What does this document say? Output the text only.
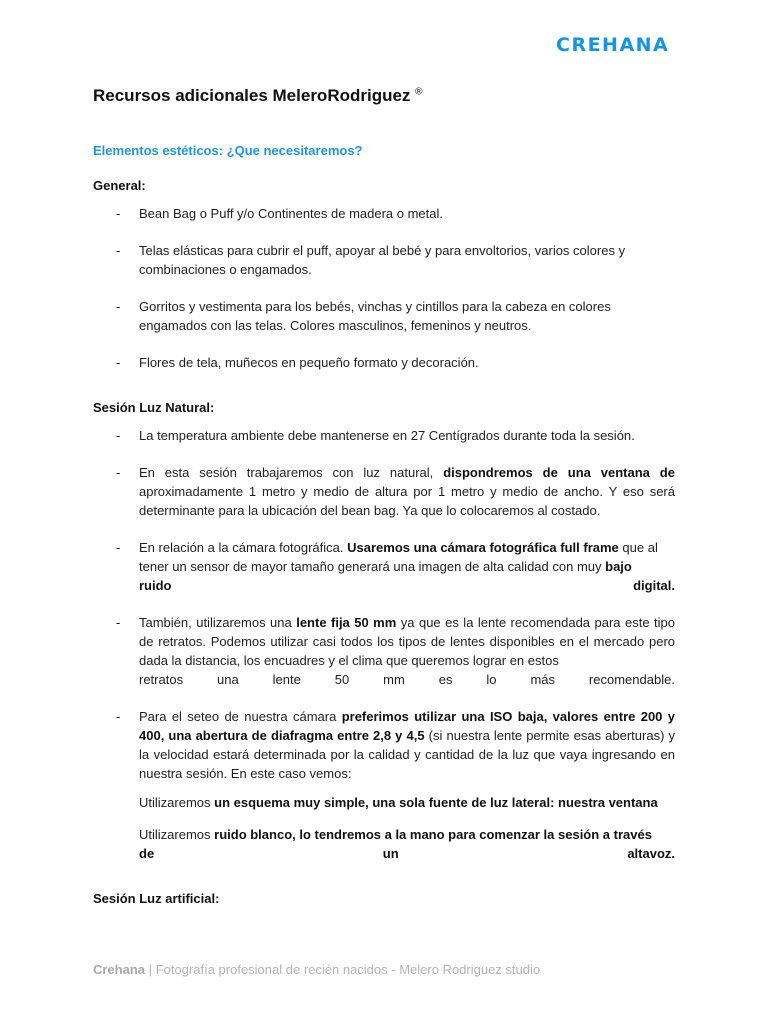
CREHANA
Recursos adicionales MeleroRodriguez ®
Elementos estéticos: ¿Que necesitaremos?
General:
- Bean Bag o Puff y/o Continentes de madera o metal.
- Telas elásticas para cubrir el puff, apoyar al bebé y para envoltorios, varios colores y combinaciones o engamados.
- Gorritos y vestimenta para los bebés, vinchas y cintillos para la cabeza en colores engamados con las telas. Colores masculinos, femeninos y neutros.
- Flores de tela, muñecos en pequeño formato y decoración.
Sesión Luz Natural:
- La temperatura ambiente debe mantenerse en 27 Centígrados durante toda la sesión.
- En esta sesión trabajaremos con luz natural, dispondremos de una ventana de aproximadamente 1 metro y medio de altura por 1 metro y medio de ancho. Y eso será determinante para la ubicación del bean bag. Ya que lo colocaremos al costado.
- En relación a la cámara fotográfica. Usaremos una cámara fotográfica full frame que al tener un sensor de mayor tamaño generará una imagen de alta calidad con muy bajo
ruido	digital.
- También, utilizaremos una lente fija 50 mm ya que es la lente recomendada para este tipo de retratos. Podemos utilizar casi todos los tipos de lentes disponibles en el mercado pero dada la distancia, los encuadres y el clima que queremos lograr en estos
retratos	una	lente	50	mm	es	lo	más	recomendable.
- Para el seteo de nuestra cámara preferimos utilizar una ISO baja, valores entre 200 y 400, una abertura de diafragma entre 2,8 y 4,5 (si nuestra lente permite esas aberturas) y la velocidad estará determinada por la calidad y cantidad de la luz que vaya ingresando en nuestra sesión. En este caso vemos:
Utilizaremos un esquema muy simple, una sola fuente de luz lateral: nuestra ventana
Utilizaremos ruido blanco, lo tendremos a la mano para comenzar la sesión a través
de	un	altavoz.
Sesión Luz artificial:
Crehana | Fotografía profesional de recién nacidos - Melero Rodriguez studio
